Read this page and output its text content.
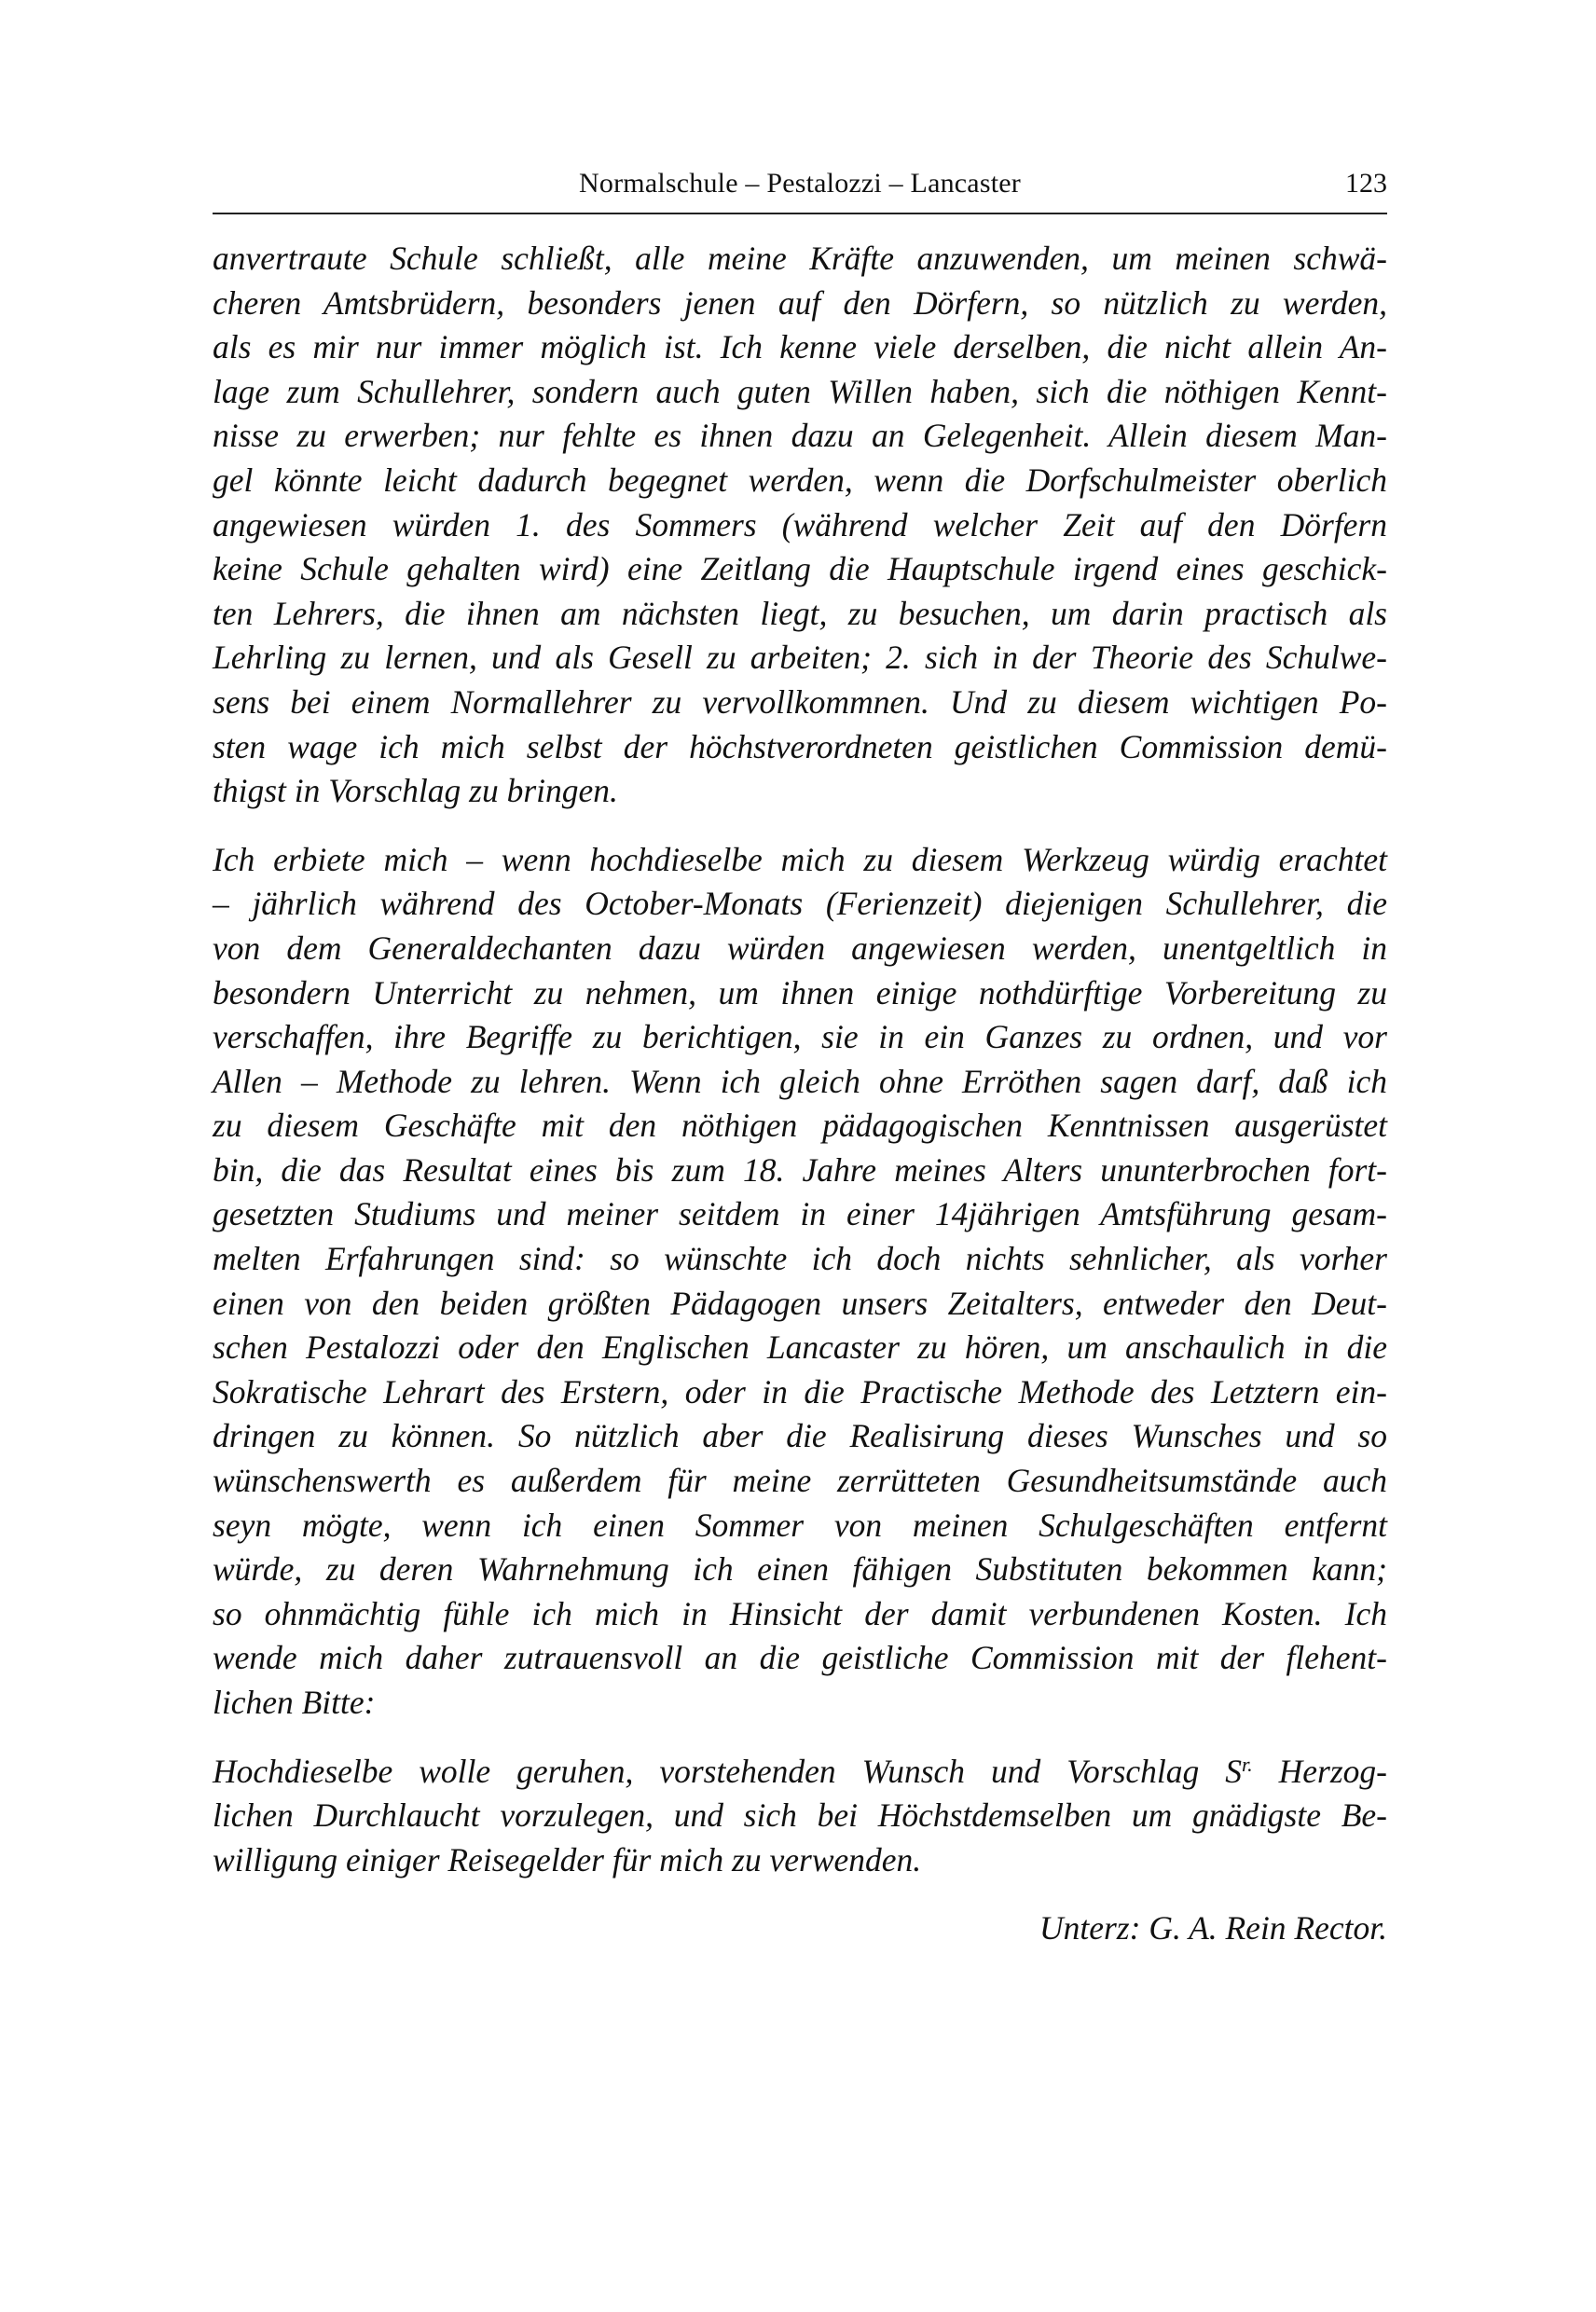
Normalschule – Pestalozzi – Lancaster	123

anvertraute Schule schließt, alle meine Kräfte anzuwenden, um meinen schwä-
cheren Amtsbrüdern, besonders jenen auf den Dörfern, so nützlich zu werden,
als es mir nur immer möglich ist. Ich kenne viele derselben, die nicht allein An-
lage zum Schullehrer, sondern auch guten Willen haben, sich die nöthigen Kennt-
nisse zu erwerben; nur fehlte es ihnen dazu an Gelegenheit. Allein diesem Man-
gel könnte leicht dadurch begegnet werden, wenn die Dorfschulmeister oberlich
angewiesen würden 1. des Sommers (während welcher Zeit auf den Dörfern
keine Schule gehalten wird) eine Zeitlang die Hauptschule irgend eines geschick-
ten Lehrers, die ihnen am nächsten liegt, zu besuchen, um darin practisch als
Lehrling zu lernen, und als Gesell zu arbeiten; 2. sich in der Theorie des Schulwe-
sens bei einem Normallehrer zu vervollkommnen. Und zu diesem wichtigen Po-
sten wage ich mich selbst der höchstverordneten geistlichen Commission demü-
thigst in Vorschlag zu bringen.

Ich erbiete mich – wenn hochdieselbe mich zu diesem Werkzeug würdig erachtet
– jährlich während des October-Monats (Ferienzeit) diejenigen Schullehrer, die
von dem Generaldechanten dazu würden angewiesen werden, unentgeltlich in
besondern Unterricht zu nehmen, um ihnen einige nothdürftige Vorbereitung zu
verschaffen, ihre Begriffe zu berichtigen, sie in ein Ganzes zu ordnen, und vor
Allen – Methode zu lehren. Wenn ich gleich ohne Erröthen sagen darf, daß ich
zu diesem Geschäfte mit den nöthigen pädagogischen Kenntnissen ausgerüstet
bin, die das Resultat eines bis zum 18. Jahre meines Alters ununterbrochen fort-
gesetzten Studiums und meiner seitdem in einer 14jährigen Amtsführung gesam-
melten Erfahrungen sind: so wünschte ich doch nichts sehnlicher, als vorher
einen von den beiden größten Pädagogen unsers Zeitalters, entweder den Deut-
schen Pestalozzi oder den Englischen Lancaster zu hören, um anschaulich in die
Sokratische Lehrart des Erstern, oder in die Practische Methode des Letztern ein-
dringen zu können. So nützlich aber die Realisirung dieses Wunsches und so
wünschenswerth es außerdem für meine zerrütteten Gesundheitsumstände auch
seyn mögte, wenn ich einen Sommer von meinen Schulgeschäften entfernt
würde, zu deren Wahrnehmung ich einen fähigen Substituten bekommen kann;
so ohnmächtig fühle ich mich in Hinsicht der damit verbundenen Kosten. Ich
wende mich daher zutrauensvoll an die geistliche Commission mit der flehent-
lichen Bitte:

Hochdieselbe wolle geruhen, vorstehenden Wunsch und Vorschlag $S^{r.}$ Herzog-
lichen Durchlaucht vorzulegen, und sich bei Höchstdemselben um gnädigste Be-
willigung einiger Reisegelder für mich zu verwenden.

Unterz: G. A. Rein Rector.
